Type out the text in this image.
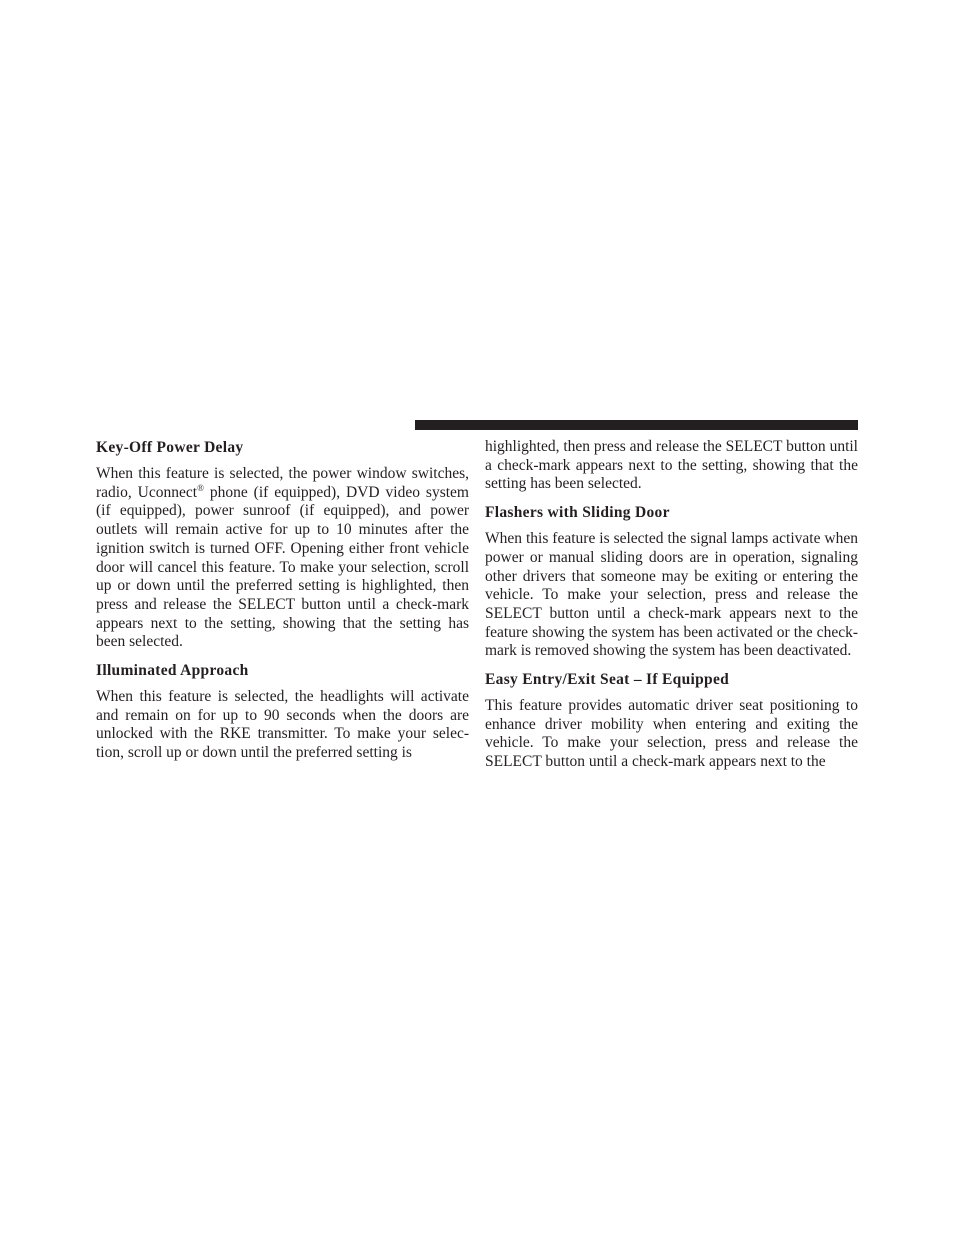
Key-Off Power Delay

When this feature is selected, the power window switches, radio, Uconnect® phone (if equipped), DVD video system (if equipped), power sunroof (if equipped), and power outlets will remain active for up to 10 minutes after the ignition switch is turned OFF. Opening either front vehicle door will cancel this feature. To make your selection, scroll up or down until the preferred setting is highlighted, then press and release the SELECT button until a check-mark appears next to the setting, showing that the setting has been selected.

Illuminated Approach

When this feature is selected, the headlights will activate and remain on for up to 90 seconds when the doors are unlocked with the RKE transmitter. To make your selec-tion, scroll up or down until the preferred setting is

highlighted, then press and release the SELECT button until a check-mark appears next to the setting, showing that the setting has been selected.

Flashers with Sliding Door

When this feature is selected the signal lamps activate when power or manual sliding doors are in operation, signaling other drivers that someone may be exiting or entering the vehicle. To make your selection, press and release the SELECT button until a check-mark appears next to the feature showing the system has been activated or the check-mark is removed showing the system has been deactivated.

Easy Entry/Exit Seat – If Equipped

This feature provides automatic driver seat positioning to enhance driver mobility when entering and exiting the vehicle. To make your selection, press and release the SELECT button until a check-mark appears next to the
